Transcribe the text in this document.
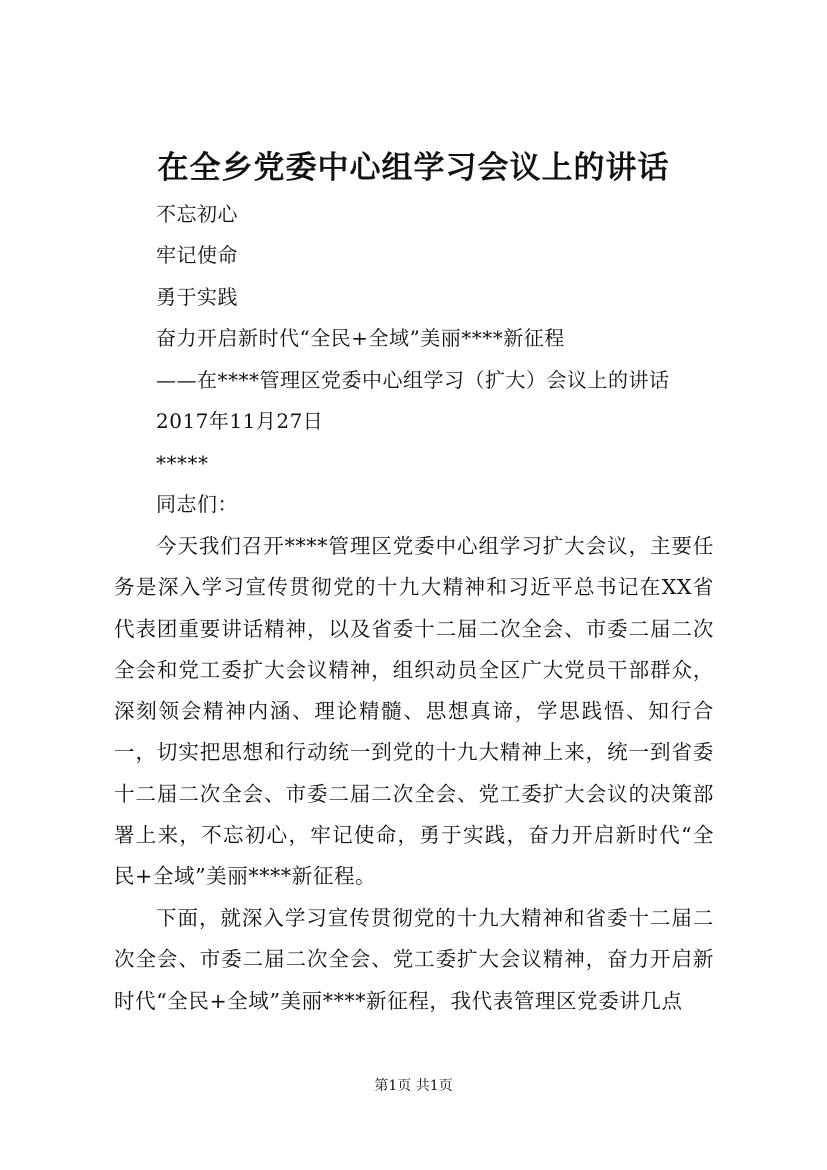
在全乡党委中心组学习会议上的讲话
不忘初心
牢记使命
勇于实践
奋力开启新时代“全民+全域”美丽****新征程
——在****管理区党委中心组学习（扩大）会议上的讲话
2017年11月27日
*****
同志们：
今天我们召开****管理区党委中心组学习扩大会议，主要任务是深入学习宣传贯彻党的十九大精神和习近平总书记在XX省代表团重要讲话精神，以及省委十二届二次全会、市委二届二次全会和党工委扩大会议精神，组织动员全区广大党员干部群众，深刻领会精神内涵、理论精髓、思想真谛，学思践悟、知行合一，切实把思想和行动统一到党的十九大精神上来，统一到省委十二届二次全会、市委二届二次全会、党工委扩大会议的决策部署上来，不忘初心，牢记使命，勇于实践，奋力开启新时代“全民+全域”美丽****新征程。
下面，就深入学习宣传贯彻党的十九大精神和省委十二届二次全会、市委二届二次全会、党工委扩大会议精神，奋力开启新时代“全民+全域”美丽****新征程，我代表管理区党委讲几点
第1页 共1页
